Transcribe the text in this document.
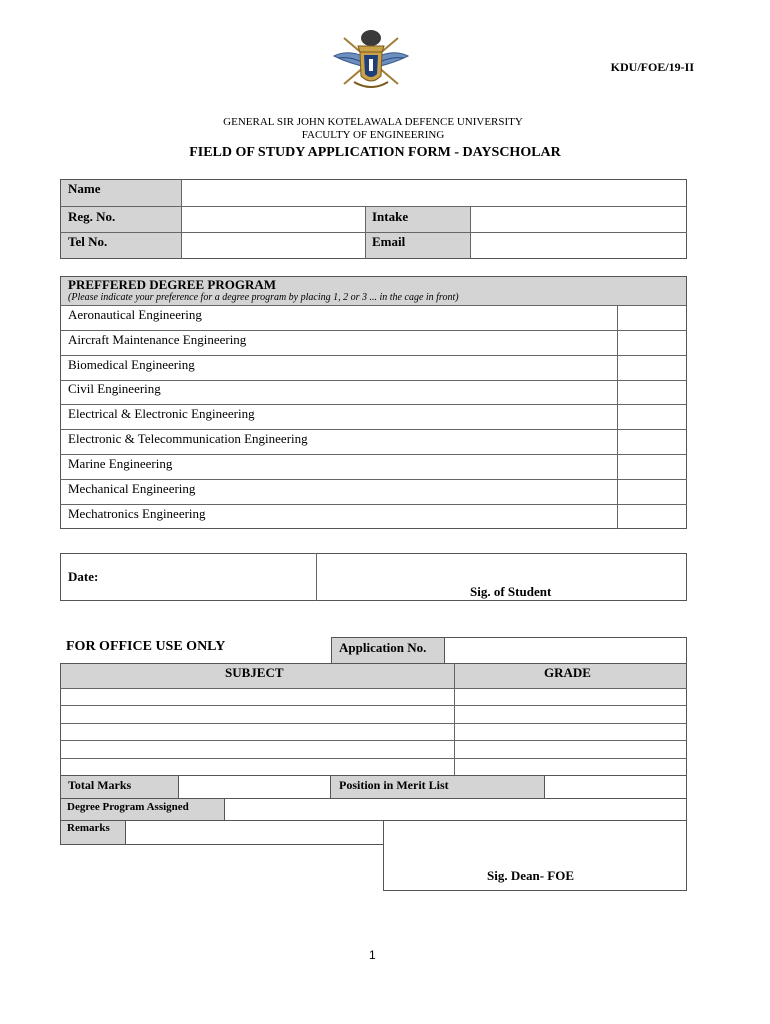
KDU/FOE/19-II
GENERAL SIR JOHN KOTELAWALA DEFENCE UNIVERSITY
FACULTY OF ENGINEERING
FIELD OF STUDY APPLICATION FORM - DAYSCHOLAR
Name
Reg. No.	Intake
Tel No.	Email
PREFFERED DEGREE PROGRAM
(Please indicate your preference for a degree program by placing 1, 2 or 3 ... in the cage in front)
Aeronautical Engineering
Aircraft Maintenance Engineering
Biomedical Engineering
Civil Engineering
Electrical & Electronic Engineering
Electronic & Telecommunication Engineering
Marine Engineering
Mechanical Engineering
Mechatronics Engineering
Date:
Sig. of Student
FOR OFFICE USE ONLY	Application No.
SUBJECT	GRADE
Total Marks	Position in Merit List
Degree Program Assigned
Remarks
Sig. Dean- FOE
1
